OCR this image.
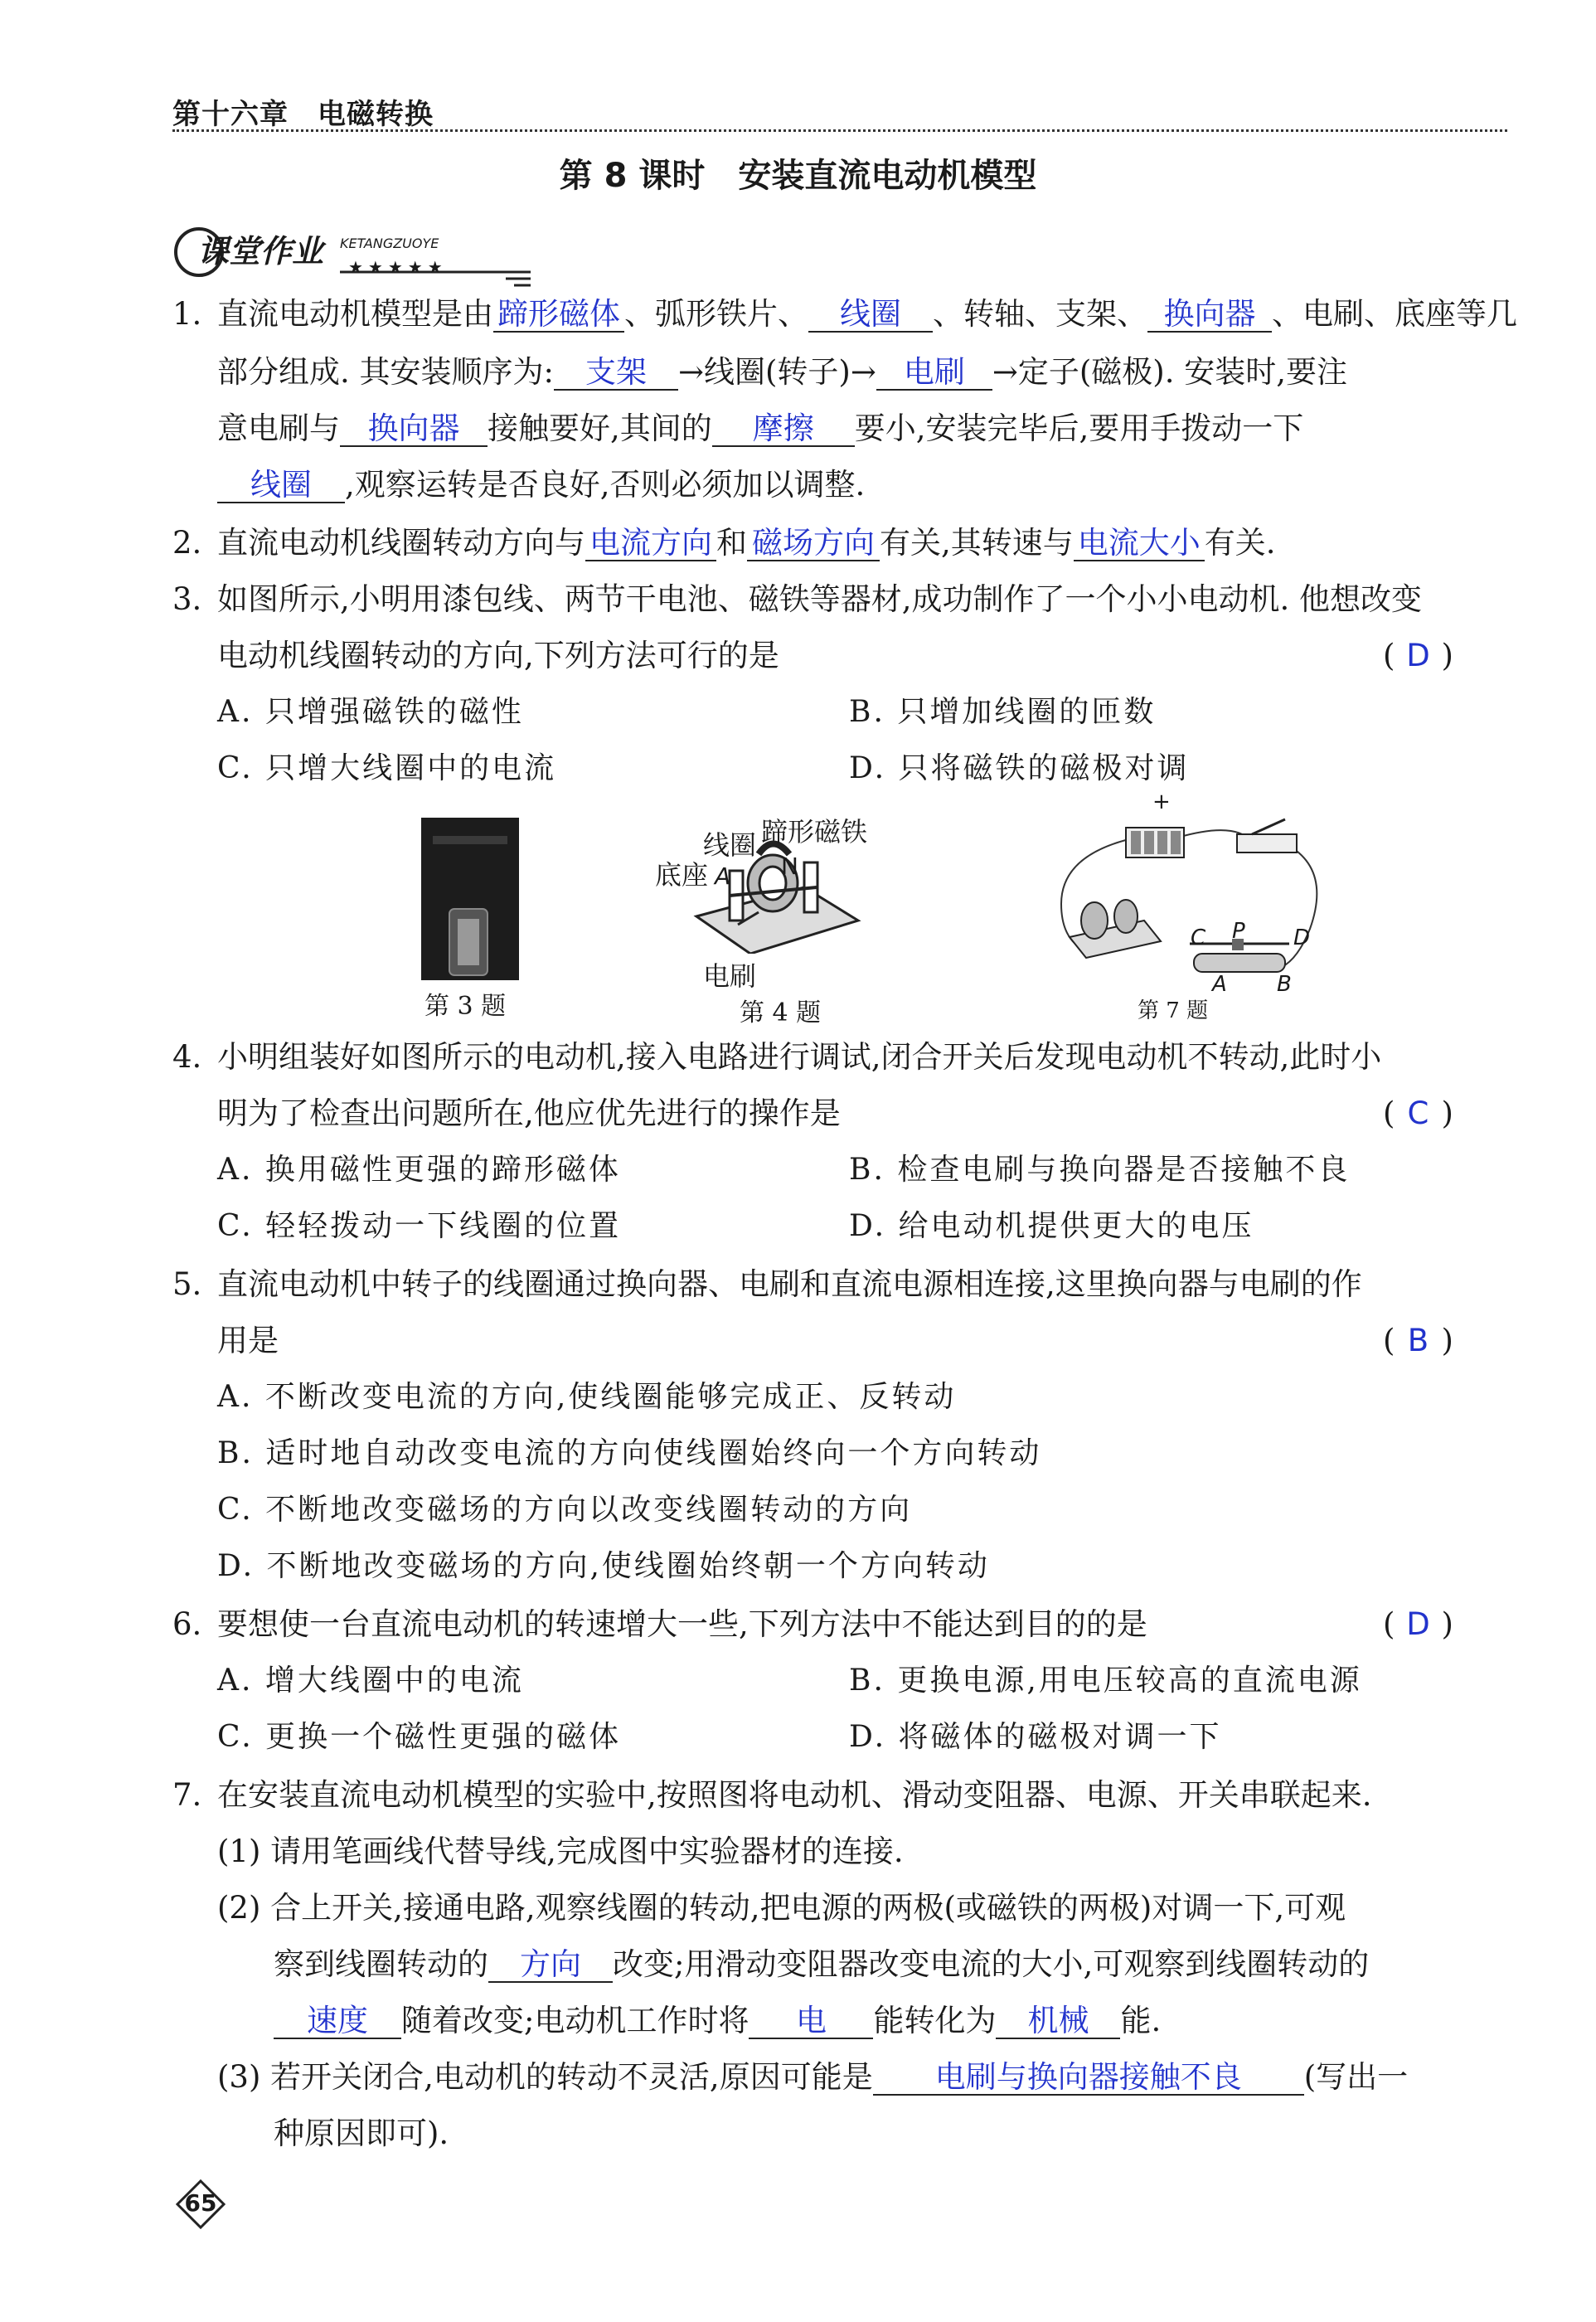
第十六章　电磁转换
第 8 课时　安装直流电动机模型
课堂作业 KETANGZUOYE
★★★★★
1. 直流电动机模型是由 蹄形磁体 、弧形铁片、 线圈 、转轴、支架、 换向器 、电刷、底座等几
部分组成. 其安装顺序为: 支架 →线圈(转子)→ 电刷 →定子(磁极). 安装时,要注
意电刷与 换向器 接触要好,其间的 摩擦 要小,安装完毕后,要用手拨动一下
线圈 ,观察运转是否良好,否则必须加以调整.
2. 直流电动机线圈转动方向与 电流方向 和 磁场方向 有关,其转速与 电流大小 有关.
3. 如图所示,小明用漆包线、两节干电池、磁铁等器材,成功制作了一个小小电动机. 他想改变
电动机线圈转动的方向,下列方法可行的是	( D )
A. 只增强磁铁的磁性	B. 只增加线圈的匝数
C. 只增大线圈中的电流	D. 只将磁铁的磁极对调
第 3 题
线圈 蹄形磁铁
底座 A N
电刷
第 4 题
+
C P D
A B
第 7 题
4. 小明组装好如图所示的电动机,接入电路进行调试,闭合开关后发现电动机不转动,此时小
明为了检查出问题所在,他应优先进行的操作是	( C )
A. 换用磁性更强的蹄形磁体	B. 检查电刷与换向器是否接触不良
C. 轻轻拨动一下线圈的位置	D. 给电动机提供更大的电压
5. 直流电动机中转子的线圈通过换向器、电刷和直流电源相连接,这里换向器与电刷的作
用是	( B )
A. 不断改变电流的方向,使线圈能够完成正、反转动
B. 适时地自动改变电流的方向使线圈始终向一个方向转动
C. 不断地改变磁场的方向以改变线圈转动的方向
D. 不断地改变磁场的方向,使线圈始终朝一个方向转动
6. 要想使一台直流电动机的转速增大一些,下列方法中不能达到目的的是	( D )
A. 增大线圈中的电流	B. 更换电源,用电压较高的直流电源
C. 更换一个磁性更强的磁体	D. 将磁体的磁极对调一下
7. 在安装直流电动机模型的实验中,按照图将电动机、滑动变阻器、电源、开关串联起来.
(1) 请用笔画线代替导线,完成图中实验器材的连接.
(2) 合上开关,接通电路,观察线圈的转动,把电源的两极(或磁铁的两极)对调一下,可观
察到线圈转动的 方向 改变;用滑动变阻器改变电流的大小,可观察到线圈转动的
速度 随着改变;电动机工作时将 电 能转化为 机械 能.
(3) 若开关闭合,电动机的转动不灵活,原因可能是 电刷与换向器接触不良 (写出一
种原因即可).
65
